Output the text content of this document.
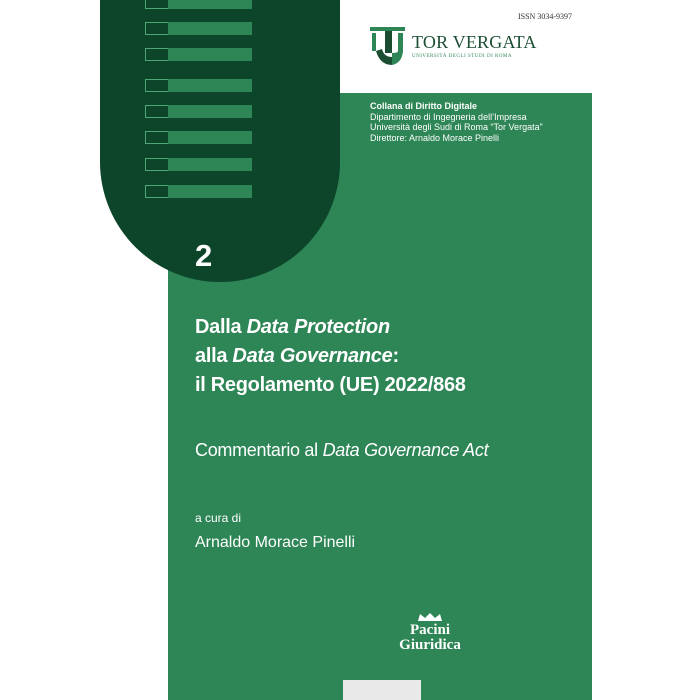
2
ISSN 3034-9397
TOR VERGATA
UNIVERSITÀ DEGLI STUDI DI ROMA
Collana di Diritto Digitale
Dipartimento di Ingegneria dell’Impresa
Università degli Sudi di Roma “Tor Vergata”
Direttore: Arnaldo Morace Pinelli
Dalla Data Protection
alla Data Governance:
il Regolamento (UE) 2022/868
Commentario al Data Governance Act
a cura di
Arnaldo Morace Pinelli
Pacini
Giuridica
